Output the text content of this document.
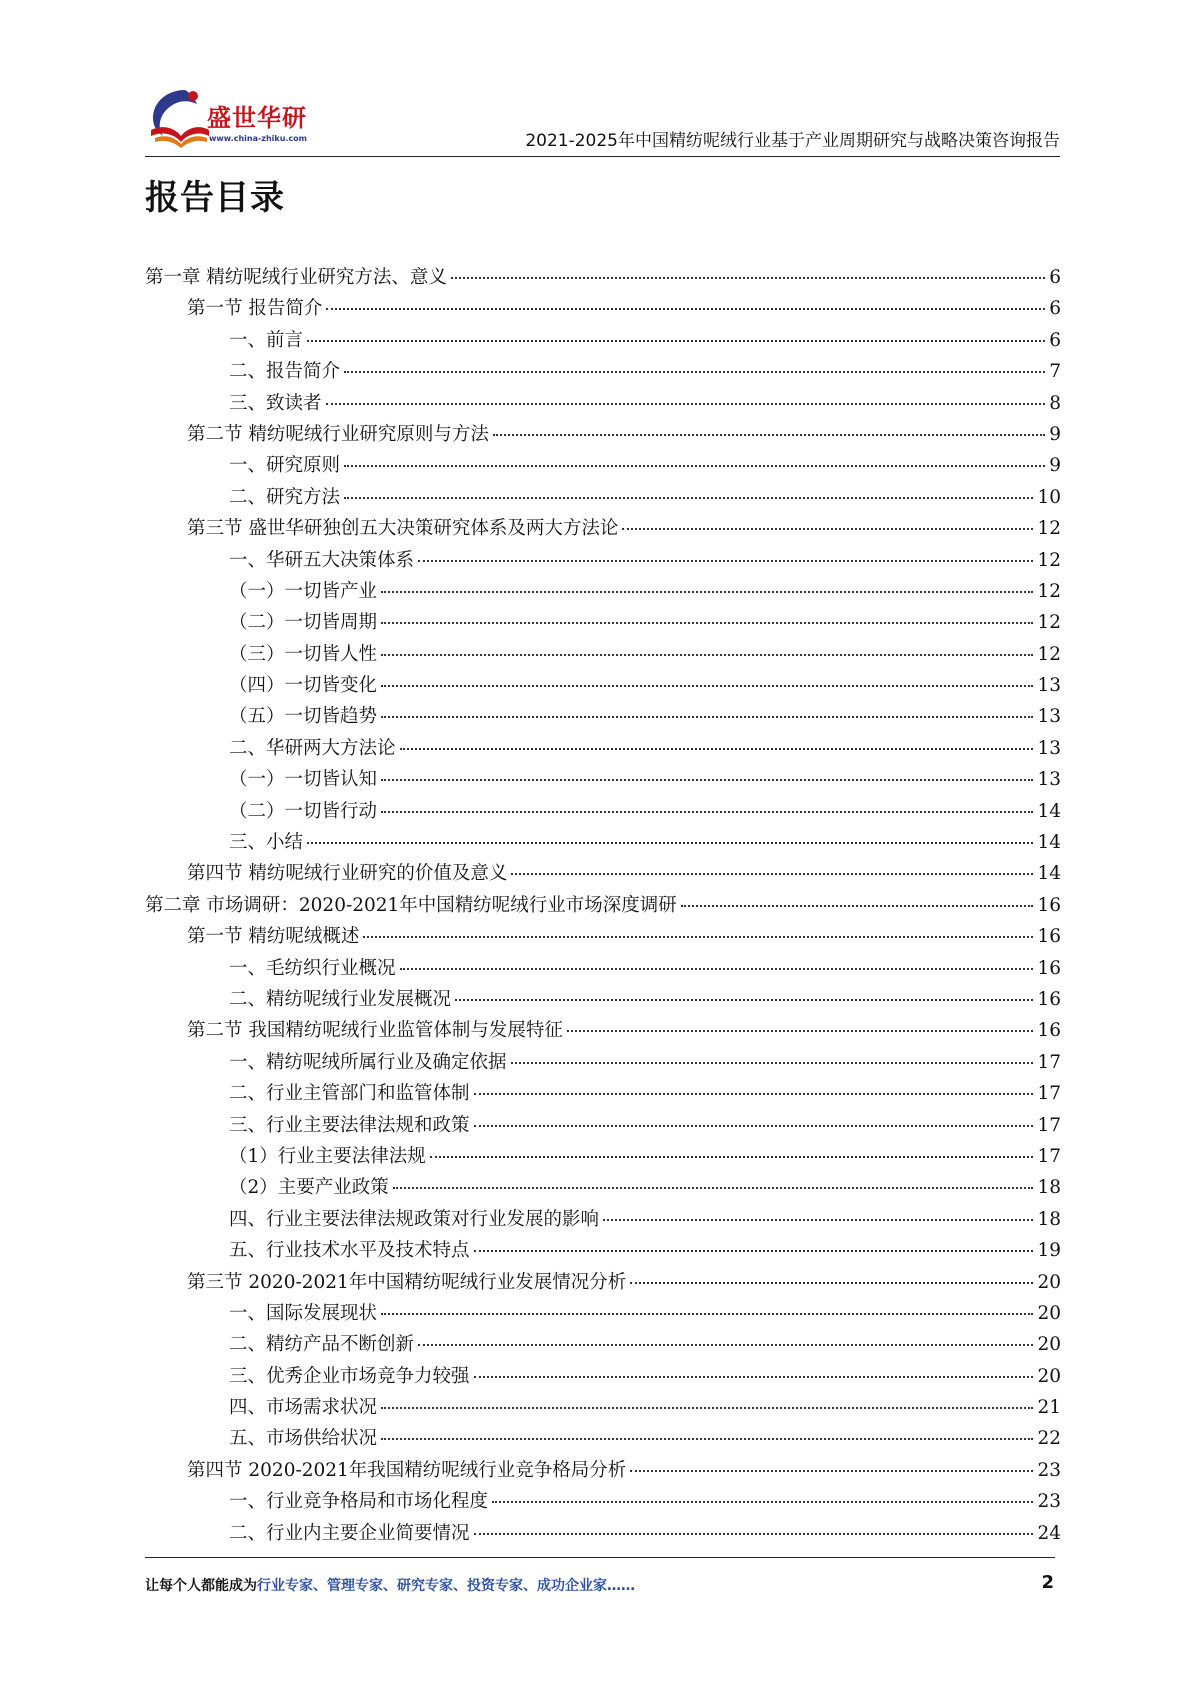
盛世华研
www.china-zhiku.com	2021-2025年中国精纺呢绒行业基于产业周期研究与战略决策咨询报告
报告目录
第一章 精纺呢绒行业研究方法、意义	6
第一节 报告简介	6
一、前言	6
二、报告简介	7
三、致读者	8
第二节 精纺呢绒行业研究原则与方法	9
一、研究原则	9
二、研究方法	10
第三节 盛世华研独创五大决策研究体系及两大方法论	12
一、华研五大决策体系	12
（一）一切皆产业	12
（二）一切皆周期	12
（三）一切皆人性	12
（四）一切皆变化	13
（五）一切皆趋势	13
二、华研两大方法论	13
（一）一切皆认知	13
（二）一切皆行动	14
三、小结	14
第四节 精纺呢绒行业研究的价值及意义	14
第二章 市场调研：2020-2021年中国精纺呢绒行业市场深度调研	16
第一节 精纺呢绒概述	16
一、毛纺织行业概况	16
二、精纺呢绒行业发展概况	16
第二节 我国精纺呢绒行业监管体制与发展特征	16
一、精纺呢绒所属行业及确定依据	17
二、行业主管部门和监管体制	17
三、行业主要法律法规和政策	17
（1）行业主要法律法规	17
（2）主要产业政策	18
四、行业主要法律法规政策对行业发展的影响	18
五、行业技术水平及技术特点	19
第三节 2020-2021年中国精纺呢绒行业发展情况分析	20
一、国际发展现状	20
二、精纺产品不断创新	20
三、优秀企业市场竞争力较强	20
四、市场需求状况	21
五、市场供给状况	22
第四节 2020-2021年我国精纺呢绒行业竞争格局分析	23
一、行业竞争格局和市场化程度	23
二、行业内主要企业简要情况	24
让每个人都能成为行业专家、管理专家、研究专家、投资专家、成功企业家……	2
